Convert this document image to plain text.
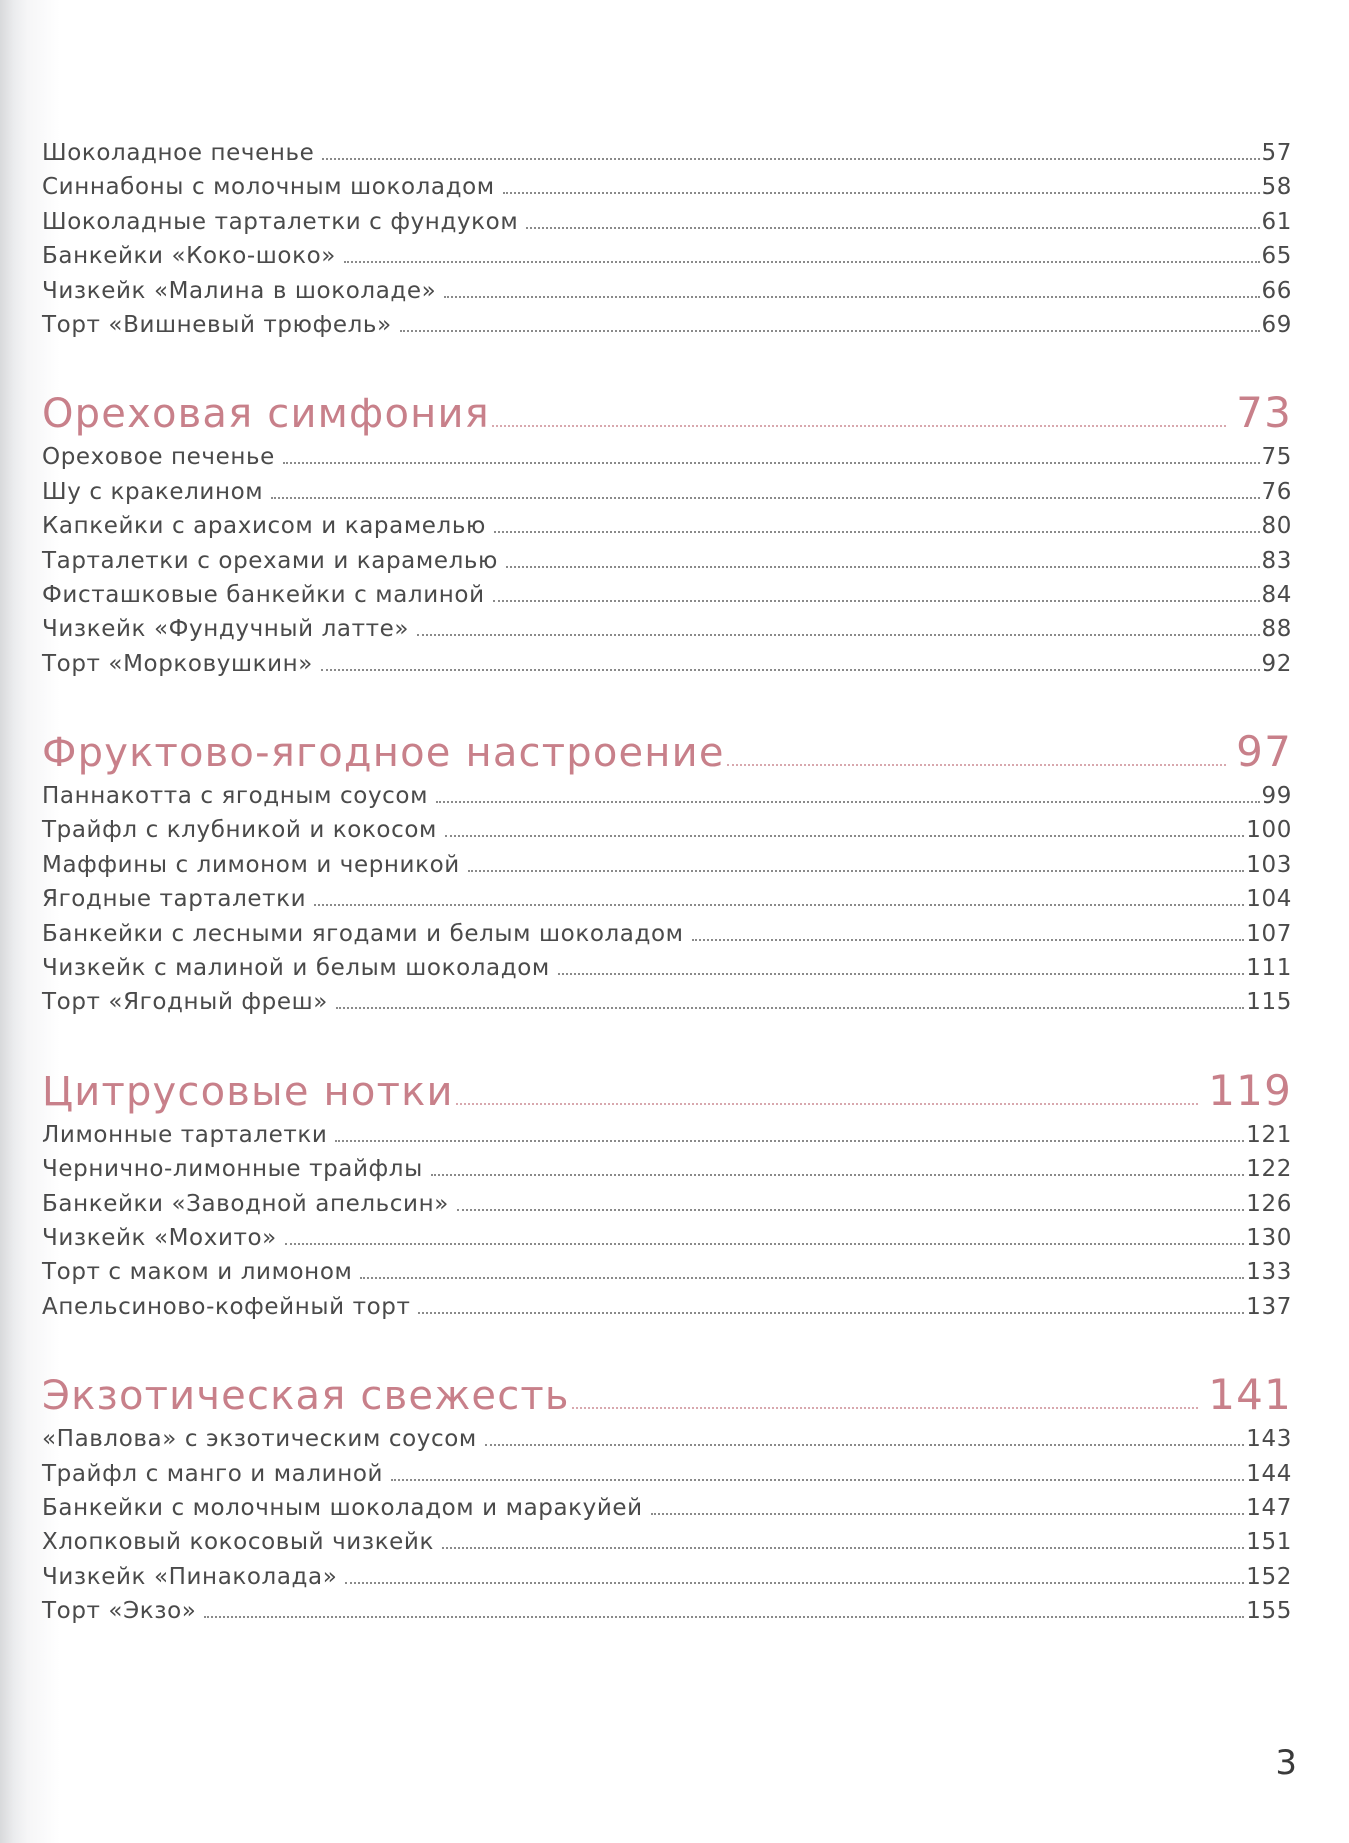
Шоколадное печенье	57
Синнабоны с молочным шоколадом	58
Шоколадные тарталетки с фундуком	61
Банкейки «Коко-шоко»	65
Чизкейк «Малина в шоколаде»	66
Торт «Вишневый трюфель»	69
Ореховая симфония	73
Ореховое печенье	75
Шу с кракелином	76
Капкейки с арахисом и карамелью	80
Тарталетки с орехами и карамелью	83
Фисташковые банкейки с малиной	84
Чизкейк «Фундучный латте»	88
Торт «Морковушкин»	92
Фруктово-ягодное настроение	97
Паннакотта с ягодным соусом	99
Трайфл с клубникой и кокосом	100
Маффины с лимоном и черникой	103
Ягодные тарталетки	104
Банкейки с лесными ягодами и белым шоколадом	107
Чизкейк с малиной и белым шоколадом	111
Торт «Ягодный фреш»	115
Цитрусовые нотки	119
Лимонные тарталетки	121
Чернично-лимонные трайфлы	122
Банкейки «Заводной апельсин»	126
Чизкейк «Мохито»	130
Торт с маком и лимоном	133
Апельсиново-кофейный торт	137
Экзотическая свежесть	141
«Павлова» с экзотическим соусом	143
Трайфл с манго и малиной	144
Банкейки с молочным шоколадом и маракуйей	147
Хлопковый кокосовый чизкейк	151
Чизкейк «Пинаколада»	152
Торт «Экзо»	155
3
